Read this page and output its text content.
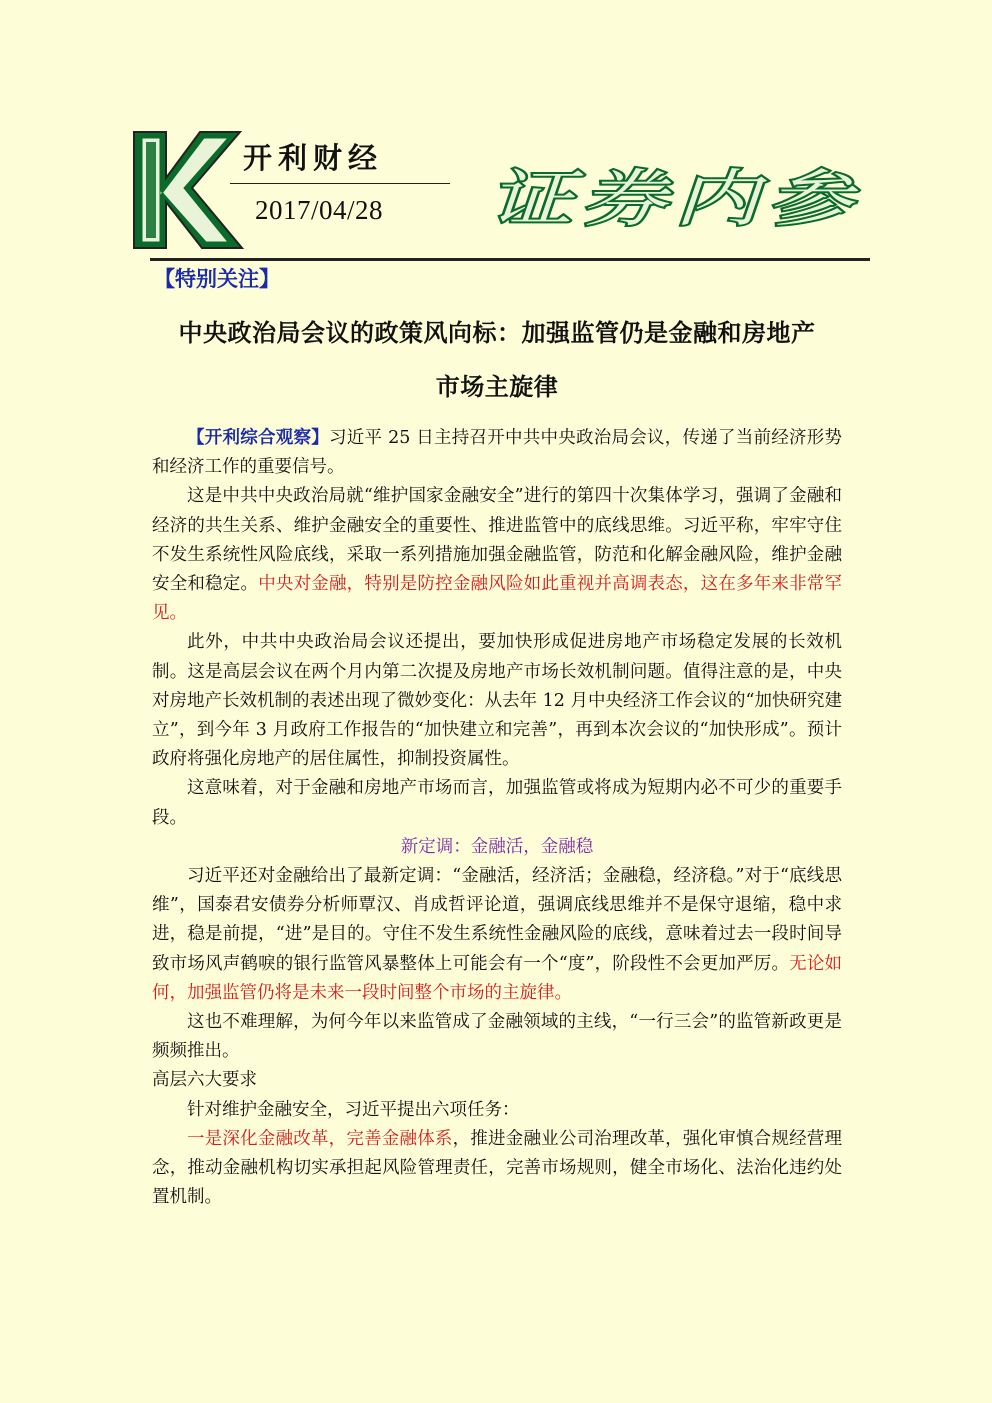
开利财经
2017/04/28 证券内参
【特别关注】
中央政治局会议的政策风向标：加强监管仍是金融和房地产
市场主旋律

【开利综合观察】习近平 25 日主持召开中共中央政治局会议，传递了当前经济形势和经济工作的重要信号。

这是中共中央政治局就“维护国家金融安全”进行的第四十次集体学习，强调了金融和经济的共生关系、维护金融安全的重要性、推进监管中的底线思维。习近平称，牢牢守住不发生系统性风险底线，采取一系列措施加强金融监管，防范和化解金融风险，维护金融安全和稳定。中央对金融，特别是防控金融风险如此重视并高调表态，这在多年来非常罕见。

此外，中共中央政治局会议还提出，要加快形成促进房地产市场稳定发展的长效机制。这是高层会议在两个月内第二次提及房地产市场长效机制问题。值得注意的是，中央对房地产长效机制的表述出现了微妙变化：从去年 12 月中央经济工作会议的“加快研究建立”，到今年 3 月政府工作报告的“加快建立和完善”，再到本次会议的“加快形成”。预计政府将强化房地产的居住属性，抑制投资属性。

这意味着，对于金融和房地产市场而言，加强监管或将成为短期内必不可少的重要手段。

新定调：金融活，金融稳

习近平还对金融给出了最新定调：“金融活，经济活；金融稳，经济稳。”对于“底线思维”，国泰君安债券分析师覃汉、肖成哲评论道，强调底线思维并不是保守退缩，稳中求进，稳是前提，“进”是目的。守住不发生系统性金融风险的底线，意味着过去一段时间导致市场风声鹤唳的银行监管风暴整体上可能会有一个“度”，阶段性不会更加严厉。无论如何，加强监管仍将是未来一段时间整个市场的主旋律。

这也不难理解，为何今年以来监管成了金融领域的主线，“一行三会”的监管新政更是频频推出。

高层六大要求

针对维护金融安全，习近平提出六项任务：

一是深化金融改革，完善金融体系，推进金融业公司治理改革，强化审慎合规经营理念，推动金融机构切实承担起风险管理责任，完善市场规则，健全市场化、法治化违约处置机制。
